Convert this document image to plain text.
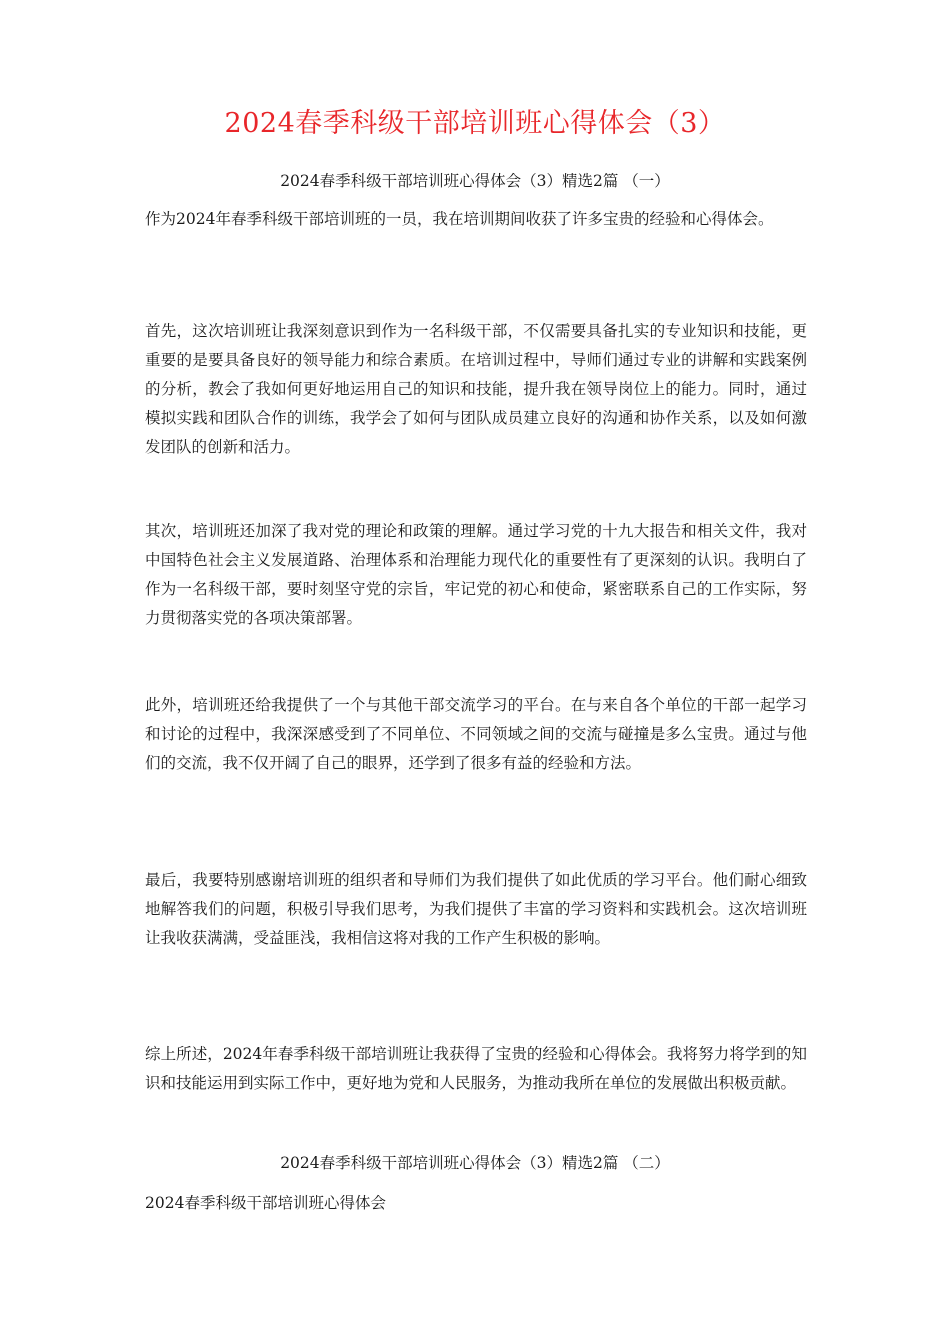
2024春季科级干部培训班心得体会（3）
2024春季科级干部培训班心得体会（3）精选2篇 （一）

作为2024年春季科级干部培训班的一员，我在培训期间收获了许多宝贵的经验和心得体会。

首先，这次培训班让我深刻意识到作为一名科级干部，不仅需要具备扎实的专业知识和技能，更重要的是要具备良好的领导能力和综合素质。在培训过程中，导师们通过专业的讲解和实践案例的分析，教会了我如何更好地运用自己的知识和技能，提升我在领导岗位上的能力。同时，通过模拟实践和团队合作的训练，我学会了如何与团队成员建立良好的沟通和协作关系，以及如何激发团队的创新和活力。

其次，培训班还加深了我对党的理论和政策的理解。通过学习党的十九大报告和相关文件，我对中国特色社会主义发展道路、治理体系和治理能力现代化的重要性有了更深刻的认识。我明白了作为一名科级干部，要时刻坚守党的宗旨，牢记党的初心和使命，紧密联系自己的工作实际，努力贯彻落实党的各项决策部署。

此外，培训班还给我提供了一个与其他干部交流学习的平台。在与来自各个单位的干部一起学习和讨论的过程中，我深深感受到了不同单位、不同领域之间的交流与碰撞是多么宝贵。通过与他们的交流，我不仅开阔了自己的眼界，还学到了很多有益的经验和方法。

最后，我要特别感谢培训班的组织者和导师们为我们提供了如此优质的学习平台。他们耐心细致地解答我们的问题，积极引导我们思考，为我们提供了丰富的学习资料和实践机会。这次培训班让我收获满满，受益匪浅，我相信这将对我的工作产生积极的影响。

综上所述，2024年春季科级干部培训班让我获得了宝贵的经验和心得体会。我将努力将学到的知识和技能运用到实际工作中，更好地为党和人民服务，为推动我所在单位的发展做出积极贡献。

2024春季科级干部培训班心得体会（3）精选2篇 （二）
2024春季科级干部培训班心得体会
